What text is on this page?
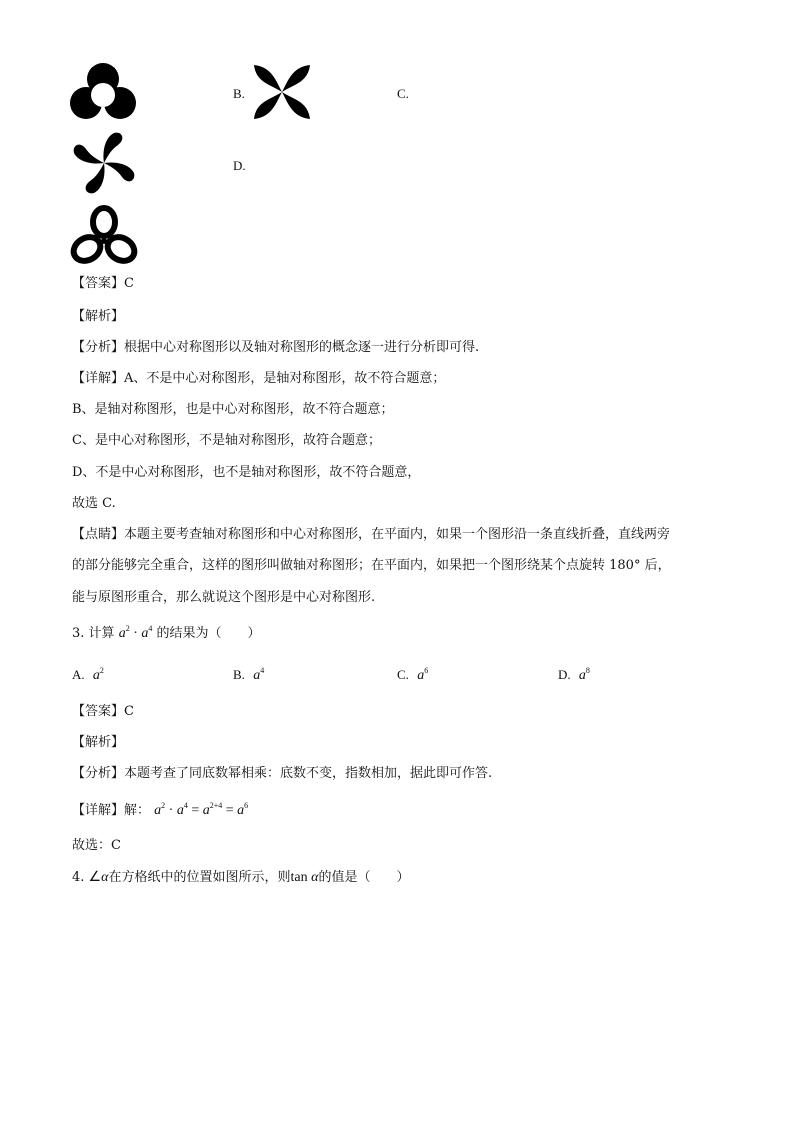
B.	C.
D.
【答案】C
【解析】
【分析】根据中心对称图形以及轴对称图形的概念逐一进行分析即可得.
【详解】A、不是中心对称图形，是轴对称图形，故不符合题意；
B、是轴对称图形，也是中心对称图形，故不符合题意；
C、是中心对称图形，不是轴对称图形，故符合题意；
D、不是中心对称图形，也不是轴对称图形，故不符合题意，
故选 C.
【点睛】本题主要考查轴对称图形和中心对称图形，在平面内，如果一个图形沿一条直线折叠，直线两旁
的部分能够完全重合，这样的图形叫做轴对称图形；在平面内，如果把一个图形绕某个点旋转 180° 后，
能与原图形重合，那么就说这个图形是中心对称图形.
3. 计算 $a^2 \cdot a^4$ 的结果为（　　）
A. $a^2$	B. $a^4$	C. $a^6$	D. $a^8$
【答案】C
【解析】
【分析】本题考查了同底数幂相乘：底数不变，指数相加，据此即可作答.
【详解】解： $a^2 \cdot a^4 = a^{2+4} = a^6$
故选：C
4. ∠α在方格纸中的位置如图所示，则tan α的值是（　　）
